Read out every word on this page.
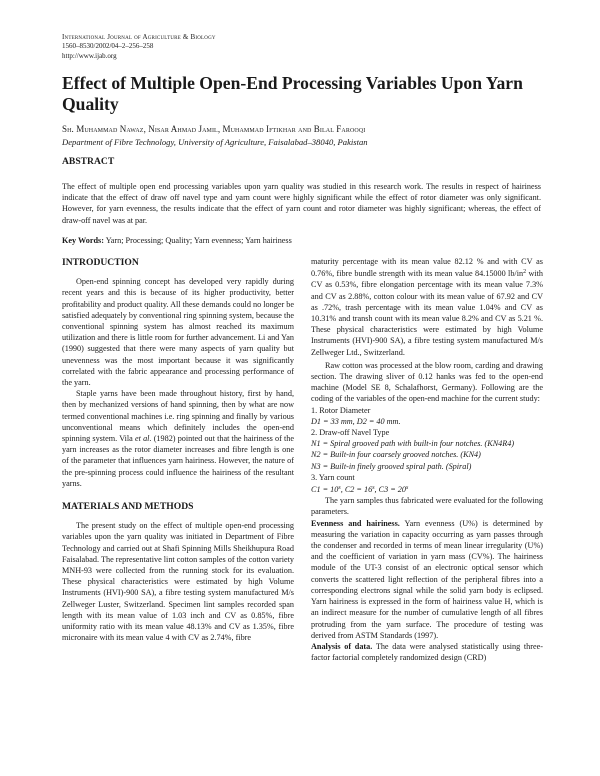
International Journal of Agriculture & Biology
1560–8530/2002/04–2–256–258
http://www.ijab.org
Effect of Multiple Open-End Processing Variables Upon Yarn Quality
Sh. Muhammad Nawaz, Nisar Ahmad Jamil, Muhammad Iftikhar and Bilal Farooqi
Department of Fibre Technology, University of Agriculture, Faisalabad–38040, Pakistan
ABSTRACT
The effect of multiple open end processing variables upon yarn quality was studied in this research work. The results in respect of hairiness indicate that the effect of draw off navel type and yarn count were highly significant while the effect of rotor diameter was only significant. However, for yarn evenness, the results indicate that the effect of yarn count and rotor diameter was highly significant; whereas, the effect of draw-off navel was at par.
Key Words: Yarn; Processing; Quality; Yarn evenness; Yarn hairiness

INTRODUCTION

Open-end spinning concept has developed very rapidly during recent years and this is because of its higher productivity, better profitability and product quality. All these demands could no longer be satisfied adequately by conventional ring spinning system, because the conventional spinning system has almost reached its maximum utilization and there is little room for further advancement. Li and Yan (1990) suggested that there were many aspects of yarn quality but unevenness was the most important because it was significantly correlated with the fabric appearance and processing performance of the yarn.

Staple yarns have been made throughout history, first by hand, then by mechanized versions of hand spinning, then by what are now termed conventional machines i.e. ring spinning and finally by various unconventional means which definitely includes the open-end spinning system. Vila et al. (1982) pointed out that the hairiness of the yarn increases as the rotor diameter increases and fibre length is one of the parameter that influences yarn hairiness. However, the nature of the pre-spinning process could influence the hairiness of the resultant yarns.

MATERIALS AND METHODS

The present study on the effect of multiple open-end processing variables upon the yarn quality was initiated in Department of Fibre Technology and carried out at Shafi Spinning Mills Sheikhupura Road Faisalabad. The representative lint cotton samples of the cotton variety MNH-93 were collected from the running stock for its evaluation. These physical characteristics were estimated by high Volume Instruments (HVI)-900 SA), a fibre testing system manufactured M/s Zellweger Luster, Switzerland. Specimen lint samples recorded span length with its mean value of 1.03 inch and CV as 0.85%, fibre uniformity ratio with its mean value 48.13% and CV as 1.35%, fibre micronaire with its mean value 4 with CV as 2.74%, fibre

maturity percentage with its mean value 82.12 % and with CV as 0.76%, fibre bundle strength with its mean value 84.15000 $lb/in^2$ with CV as 0.53%, fibre elongation percentage with its mean value 7.3% and CV as 2.88%, cotton colour with its mean value of 67.92 and CV as .72%, trash percentage with its mean value 1.04% and CV as 10.31% and transh count with its mean value 8.2% and CV as 5.21 %. These physical characteristics were estimated by high Volume Instruments (HVI)-900 SA), a fibre testing system manufactured M/s Zellweger Ltd., Switzerland.

Raw cotton was processed at the blow room, carding and drawing section. The drawing sliver of 0.12 hanks was fed to the open-end machine (Model SE 8, Schalafhorst, Germany). Following are the coding of the variables of the open-end machine for the current study:

1. Rotor Diameter

D1 = 33 mm, D2 = 40 mm.

2. Draw-off Navel Type

N1 = Spiral grooved path with built-in four notches. (KN4R4)

N2 = Built-in four coarsely grooved notches. (KN4)

N3 = Built-in finely grooved spiral path. (Spiral)

3. Yarn count

$C1 = 10^s$, $C2 = 16^s$, $C3 = 20^s$

The yarn samples thus fabricated were evaluated for the following parameters.

Evenness and hairiness. Yarn evenness (U%) is determined by measuring the variation in capacity occurring as yarn passes through the condenser and recorded in terms of mean linear irregularity (U%) and the coefficient of variation in yarn mass (CV%). The hairiness module of the UT-3 consist of an electronic optical sensor which converts the scattered light reflection of the peripheral fibres into a corresponding electrons signal while the solid yarn body is eclipsed. Yarn hairiness is expressed in the form of hairiness value H, which is an indirect measure for the number of cumulative length of all fibres protruding from the yarn surface. The procedure of testing was derived from ASTM Standards (1997).

Analysis of data. The data were analysed statistically using three-factor factorial completely randomized design (CRD)
